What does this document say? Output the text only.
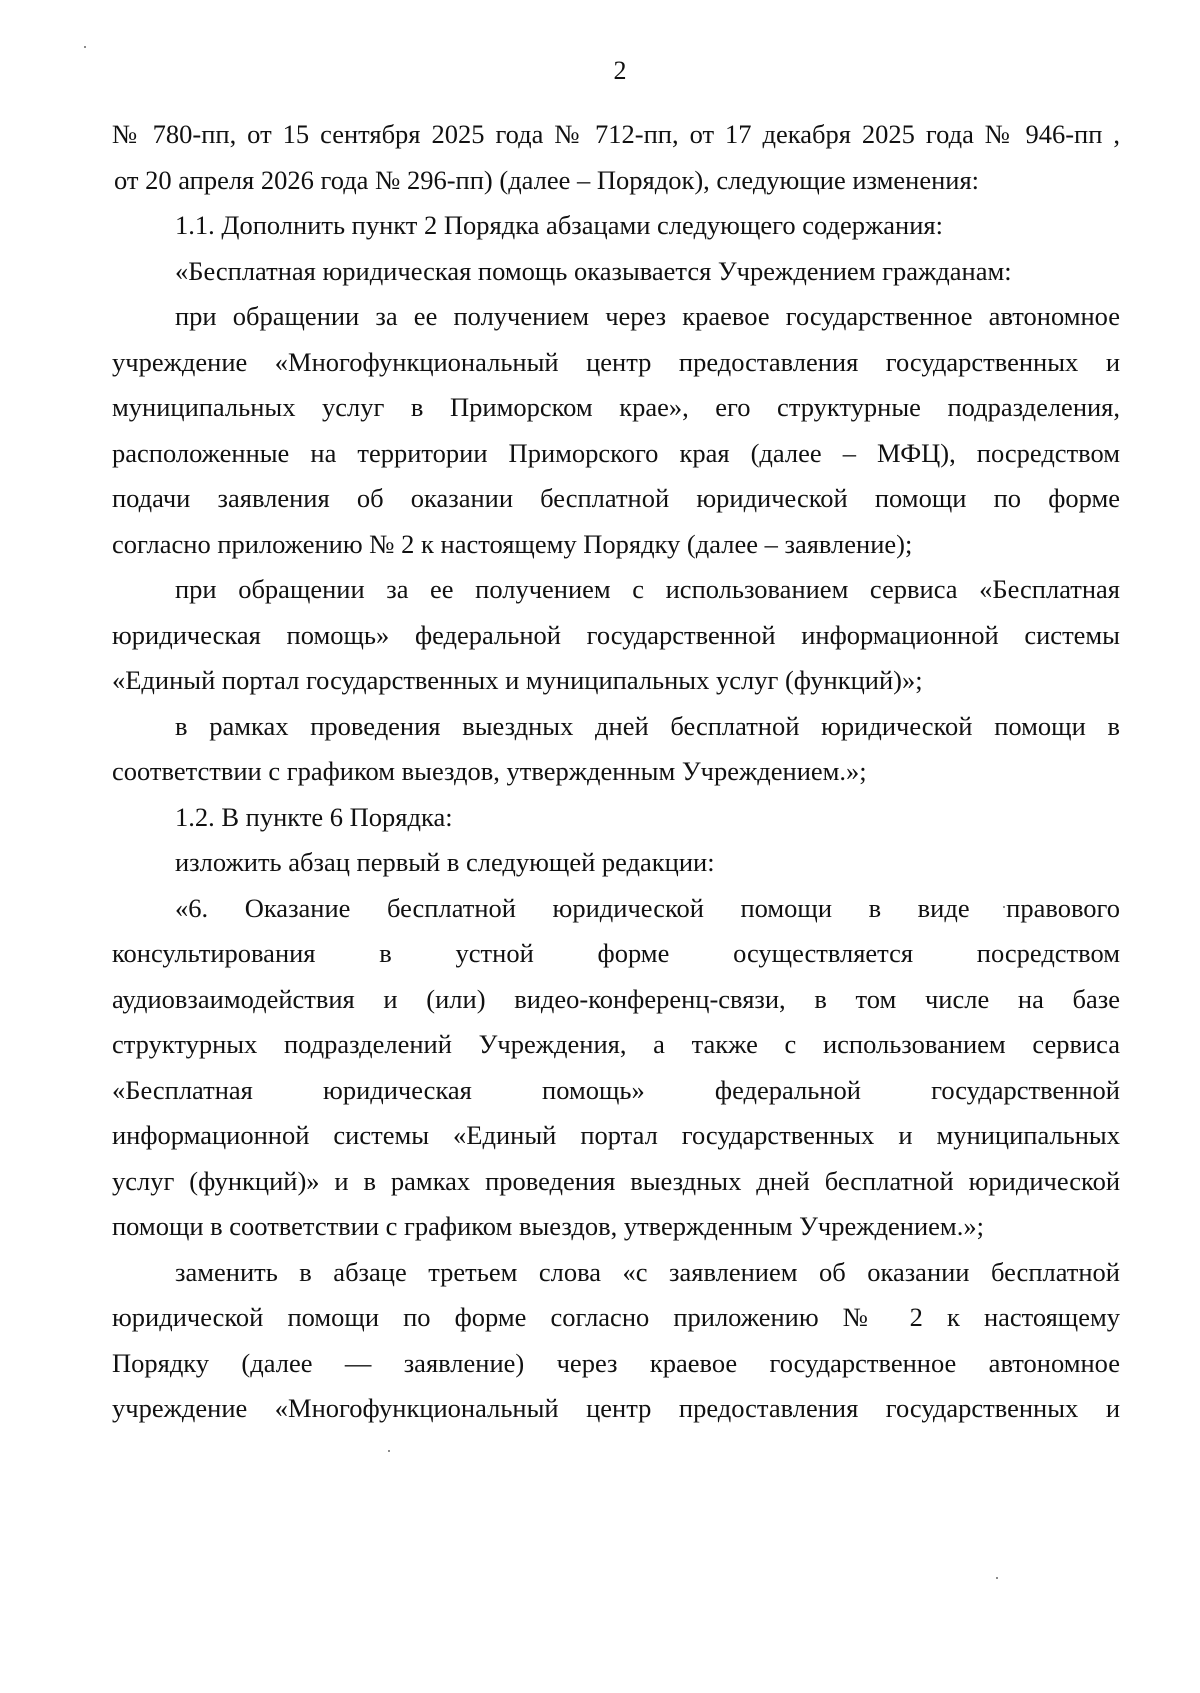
2
№ 780-пп, от 15 сентября 2025 года № 712-пп, от 17 декабря 2025 года № 946-пп ,
от 20 апреля 2026 года № 296-пп) (далее – Порядок), следующие изменения:
1.1. Дополнить пункт 2 Порядка абзацами следующего содержания:
«Бесплатная юридическая помощь оказывается Учреждением гражданам:
при обращении за ее получением через краевое государственное автономное
учреждение «Многофункциональный центр предоставления государственных и
муниципальных услуг в Приморском крае», его структурные подразделения,
расположенные на территории Приморского края (далее – МФЦ), посредством
подачи заявления об оказании бесплатной юридической помощи по форме
согласно приложению № 2 к настоящему Порядку (далее – заявление);
при обращении за ее получением с использованием сервиса «Бесплатная
юридическая помощь» федеральной государственной информационной системы
«Единый портал государственных и муниципальных услуг (функций)»;
в рамках проведения выездных дней бесплатной юридической помощи в
соответствии с графиком выездов, утвержденным Учреждением.»;
1.2. В пункте 6 Порядка:
изложить абзац первый в следующей редакции:
«6. Оказание бесплатной юридической помощи в виде правового
консультирования в устной форме осуществляется посредством
аудиовзаимодействия и (или) видео-конференц-связи, в том числе на базе
структурных подразделений Учреждения, а также с использованием сервиса
«Бесплатная юридическая помощь» федеральной государственной
информационной системы «Единый портал государственных и муниципальных
услуг (функций)» и в рамках проведения выездных дней бесплатной юридической
помощи в соответствии с графиком выездов, утвержденным Учреждением.»;
заменить в абзаце третьем слова «с заявлением об оказании бесплатной
юридической помощи по форме согласно приложению № 2 к настоящему
Порядку (далее — заявление) через краевое государственное автономное
учреждение «Многофункциональный центр предоставления государственных и
